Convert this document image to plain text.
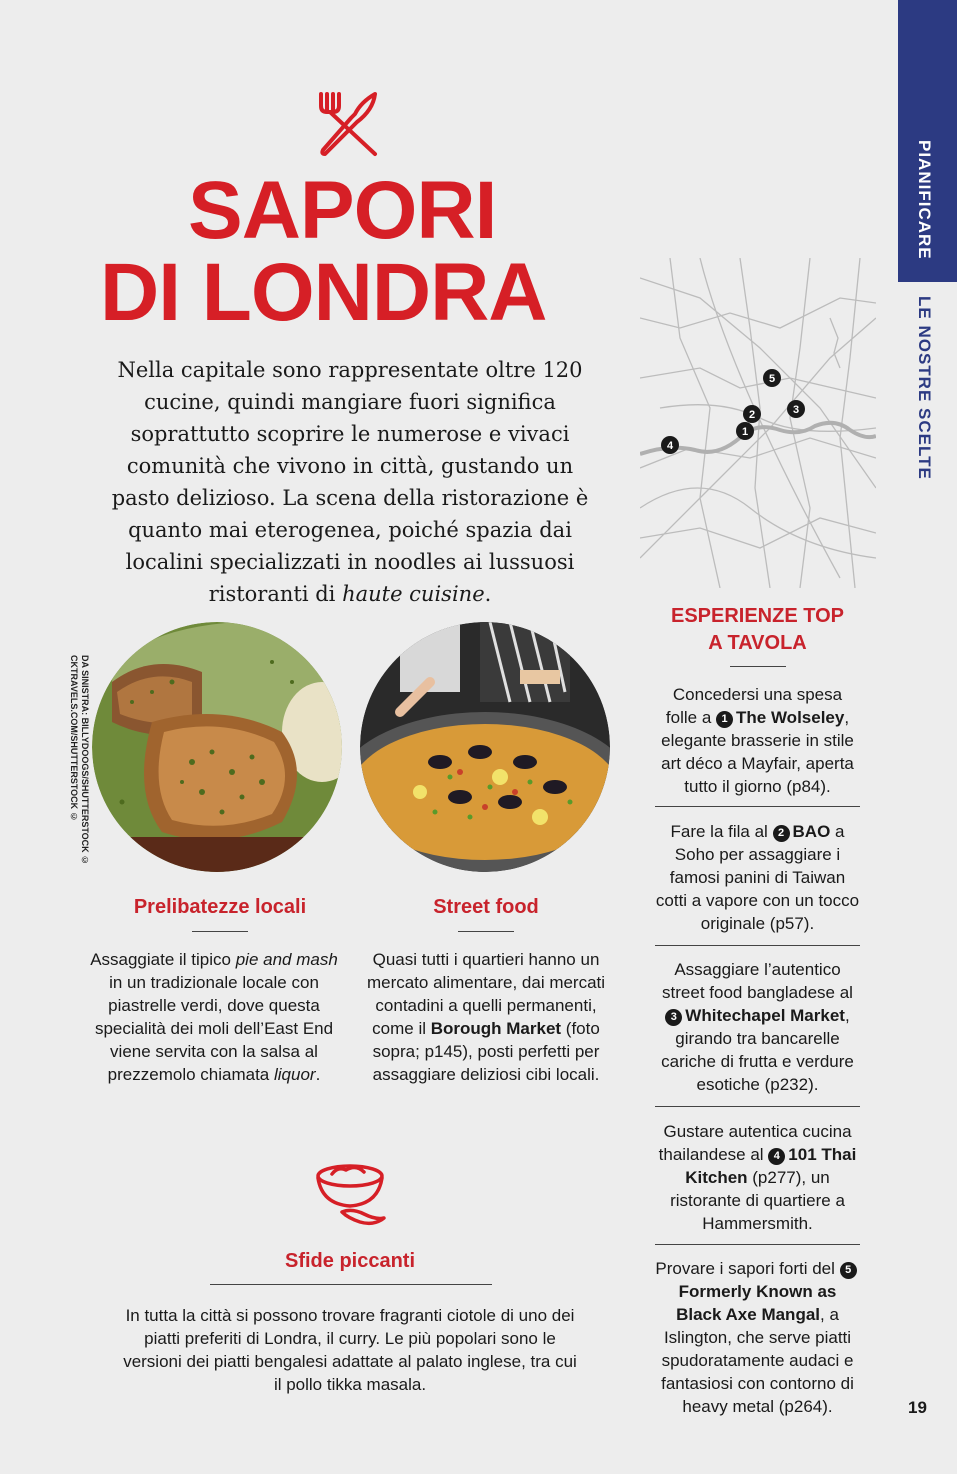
PIANIFICARE
LE NOSTRE SCELTE
SAPORI
DI LONDRA
Nella capitale sono rappresentate oltre 120 cucine, quindi mangiare fuori significa soprattutto scoprire le numerose e vivaci comunità che vivono in città, gustando un pasto delizioso. La scena della ristorazione è quanto mai eterogenea, poiché spazia dai localini specializzati in noodles ai lussuosi ristoranti di haute cuisine.
5
2	3
1
4
DA SINISTRA: BILLYDOOGS/SHUTTERSTOCK © CKTRAVELS.COM/SHUTTERSTOCK ©
Prelibatezze locali
Assaggiate il tipico pie and mash in un tradizionale locale con piastrelle verdi, dove questa specialità dei moli dell’East End viene servita con la salsa al prezzemolo chiamata liquor.
Street food
Quasi tutti i quartieri hanno un mercato alimentare, dai mercati contadini a quelli permanenti, come il Borough Market (foto sopra; p145), posti perfetti per assaggiare deliziosi cibi locali.
Sfide piccanti
In tutta la città si possono trovare fragranti ciotole di uno dei piatti preferiti di Londra, il curry. Le più popolari sono le versioni dei piatti bengalesi adattate al palato inglese, tra cui il pollo tikka masala.
ESPERIENZE TOP
A TAVOLA
Concedersi una spesa folle a 1 The Wolseley, elegante brasserie in stile art déco a Mayfair, aperta tutto il giorno (p84).
Fare la fila al 2 BAO a Soho per assaggiare i famosi panini di Taiwan cotti a vapore con un tocco originale (p57).
Assaggiare l’autentico street food bangladese al 3 Whitechapel Market, girando tra bancarelle cariche di frutta e verdure esotiche (p232).
Gustare autentica cucina thailandese al 4 101 Thai Kitchen (p277), un ristorante di quartiere a Hammersmith.
Provare i sapori forti del 5Formerly Known as Black Axe Mangal, a Islington, che serve piatti spudoratamente audaci e fantasiosi con contorno di heavy metal (p264).	19
